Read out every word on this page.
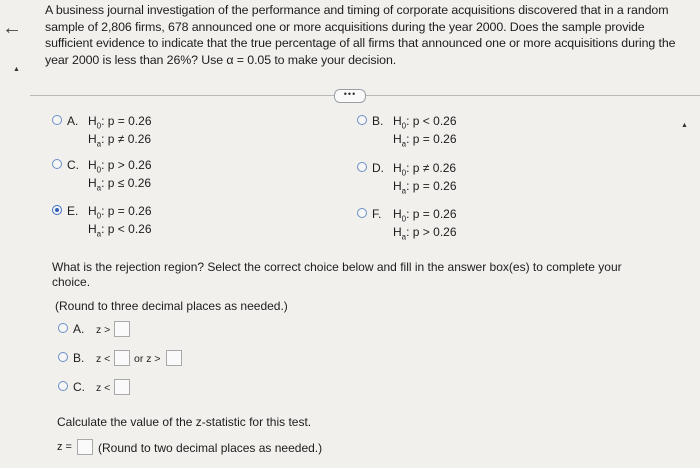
←
▲
A business journal investigation of the performance and timing of corporate acquisitions discovered that in a random sample of 2,806 firms, 678 announced one or more acquisitions during the year 2000. Does the sample provide sufficient evidence to indicate that the true percentage of all firms that announced one or more acquisitions during the year 2000 is less than 26%? Use α = 0.05 to make your decision.
•••
▲
A. $H_0$: p = 0.26
$H_a$: p ≠ 0.26
B. $H_0$: p < 0.26
$H_a$: p = 0.26
C. $H_0$: p > 0.26
$H_a$: p ≤ 0.26
D. $H_0$: p ≠ 0.26
$H_a$: p = 0.26
E. $H_0$: p = 0.26
$H_a$: p < 0.26
F. $H_0$: p = 0.26
$H_a$: p > 0.26
What is the rejection region? Select the correct choice below and fill in the answer box(es) to complete your choice.
(Round to three decimal places as needed.)
A. z >
B. z < or z >
C. z <
Calculate the value of the z-statistic for this test.
z = (Round to two decimal places as needed.)
